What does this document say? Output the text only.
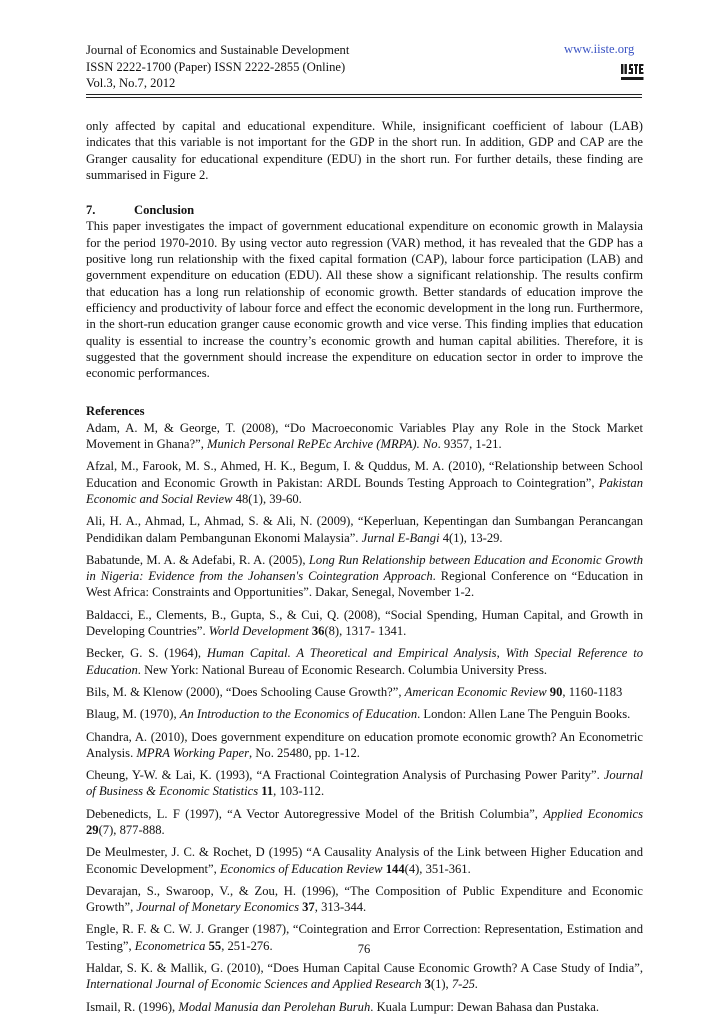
Journal of Economics and Sustainable Development
ISSN 2222-1700 (Paper) ISSN 2222-2855 (Online)
Vol.3, No.7, 2012
www.iiste.org

only affected by capital and educational expenditure. While, insignificant coefficient of labour (LAB) indicates that this variable is not important for the GDP in the short run. In addition, GDP and CAP are the Granger causality for educational expenditure (EDU) in the short run. For further details, these finding are summarised in Figure 2.

7.	Conclusion

This paper investigates the impact of government educational expenditure on economic growth in Malaysia for the period 1970-2010. By using vector auto regression (VAR) method, it has revealed that the GDP has a positive long run relationship with the fixed capital formation (CAP), labour force participation (LAB) and government expenditure on education (EDU). All these show a significant relationship. The results confirm that education has a long run relationship of economic growth. Better standards of education improve the efficiency and productivity of labour force and effect the economic development in the long run. Furthermore, in the short-run education granger cause economic growth and vice verse. This finding implies that education quality is essential to increase the country’s economic growth and human capital abilities. Therefore, it is suggested that the government should increase the expenditure on education sector in order to improve the economic performances.

References

Adam, A. M, & George, T. (2008), “Do Macroeconomic Variables Play any Role in the Stock Market Movement in Ghana?”, Munich Personal RePEc Archive (MRPA). No. 9357, 1-21.

Afzal, M., Farook, M. S., Ahmed, H. K., Begum, I. & Quddus, M. A. (2010), “Relationship between School Education and Economic Growth in Pakistan: ARDL Bounds Testing Approach to Cointegration”, Pakistan Economic and Social Review 48(1), 39-60.

Ali, H. A., Ahmad, L, Ahmad, S. & Ali, N. (2009), “Keperluan, Kepentingan dan Sumbangan Perancangan Pendidikan dalam Pembangunan Ekonomi Malaysia”. Jurnal E-Bangi 4(1), 13-29.

Babatunde, M. A. & Adefabi, R. A. (2005), Long Run Relationship between Education and Economic Growth in Nigeria: Evidence from the Johansen's Cointegration Approach. Regional Conference on “Education in West Africa: Constraints and Opportunities”. Dakar, Senegal, November 1-2.

Baldacci, E., Clements, B., Gupta, S., & Cui, Q. (2008), “Social Spending, Human Capital, and Growth in Developing Countries”. World Development 36(8), 1317- 1341.

Becker, G. S. (1964), Human Capital. A Theoretical and Empirical Analysis, With Special Reference to Education. New York: National Bureau of Economic Research. Columbia University Press.

Bils, M. & Klenow (2000), “Does Schooling Cause Growth?”, American Economic Review 90, 1160-1183

Blaug, M. (1970), An Introduction to the Economics of Education. London: Allen Lane The Penguin Books.

Chandra, A. (2010), Does government expenditure on education promote economic growth? An Econometric Analysis. MPRA Working Paper, No. 25480, pp. 1-12.

Cheung, Y-W. & Lai, K. (1993), “A Fractional Cointegration Analysis of Purchasing Power Parity”. Journal of Business & Economic Statistics 11, 103-112.

Debenedicts, L. F (1997), “A Vector Autoregressive Model of the British Columbia”, Applied Economics 29(7), 877-888.

De Meulmester, J. C. & Rochet, D (1995) “A Causality Analysis of the Link between Higher Education and Economic Development”, Economics of Education Review 144(4), 351-361.

Devarajan, S., Swaroop, V., & Zou, H. (1996), “The Composition of Public Expenditure and Economic Growth”, Journal of Monetary Economics 37, 313-344.

Engle, R. F. & C. W. J. Granger (1987), “Cointegration and Error Correction: Representation, Estimation and Testing”, Econometrica 55, 251-276.

Haldar, S. K. & Mallik, G. (2010), “Does Human Capital Cause Economic Growth? A Case Study of India”, International Journal of Economic Sciences and Applied Research 3(1), 7-25.

Ismail, R. (1996), Modal Manusia dan Perolehan Buruh. Kuala Lumpur: Dewan Bahasa dan Pustaka.

76
